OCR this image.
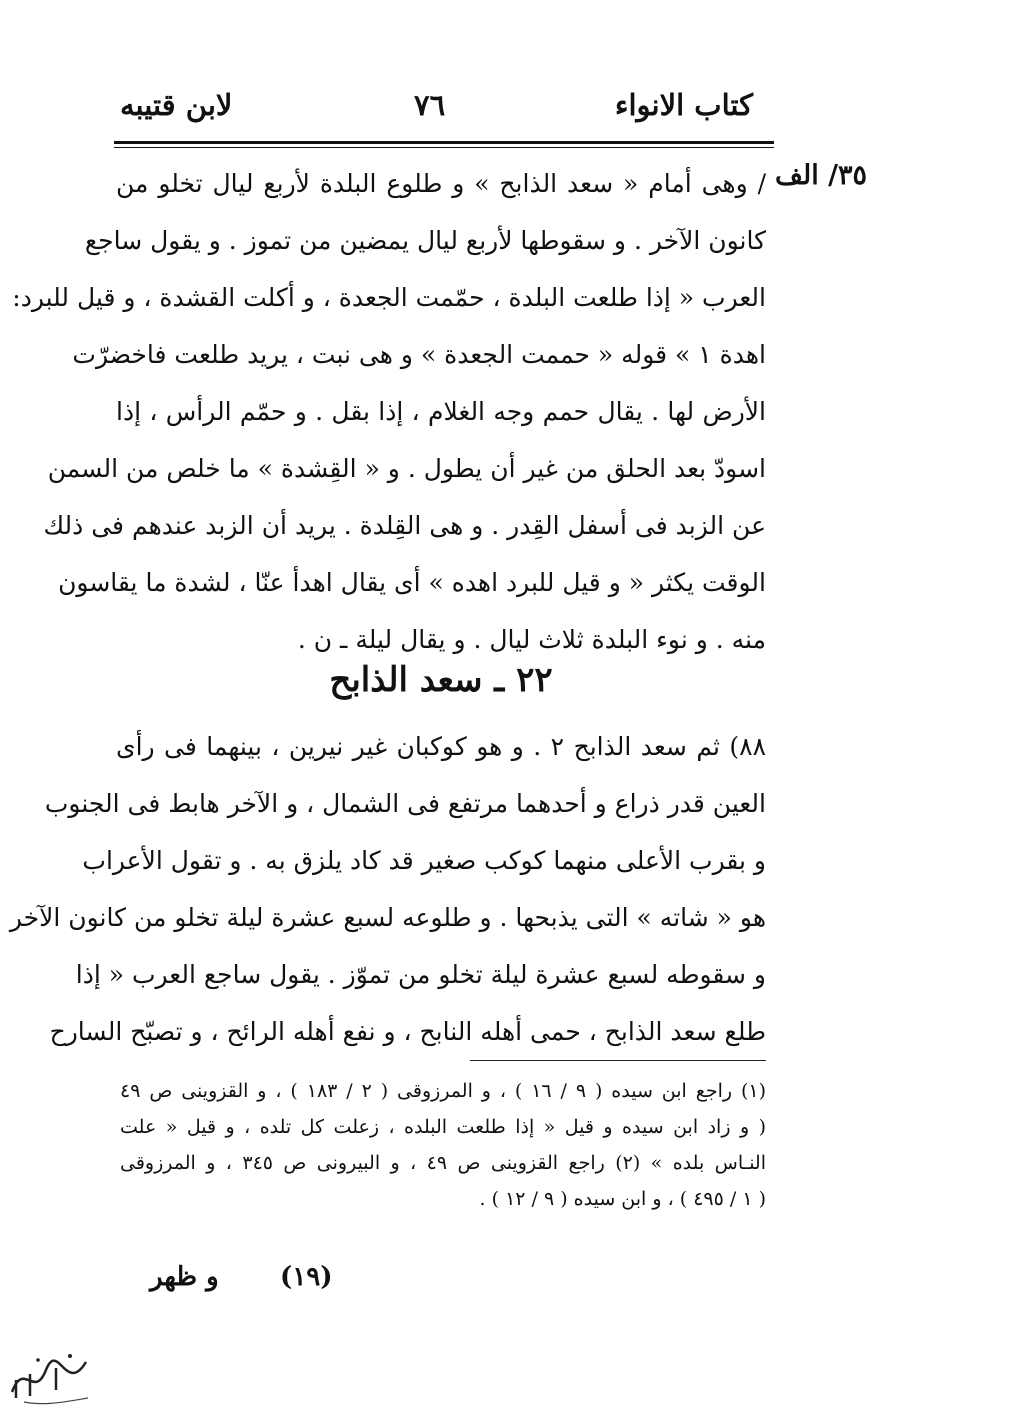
كتاب الانواء
٧٦
لابن قتيبه
٣٥/ الف
/ وهى أمام « سعد الذابح » و طلوع البلدة لأربع ليال تخلو من
كانون الآخر . و سقوطها لأربع ليال يمضين من تموز . و يقول ساجع
العرب « إذا طلعت البلدة ، حمّمت الجعدة ، و أكلت القشدة ، و قيل للبرد:
اهدة ١ » قوله « حممت الجعدة » و هى نبت ، يريد طلعت فاخضرّت
الأرض لها . يقال حمم وجه الغلام ، إذا بقل . و حمّم الرأس ، إذا
اسودّ بعد الحلق من غير أن يطول . و « القِشدة » ما خلص من السمن
عن الزبد فى أسفل القِدر . و هى القِلدة . يريد أن الزبد عندهم فى ذلك
الوقت يكثر « و قيل للبرد اهده » أى يقال اهدأ عنّا ، لشدة ما يقاسون
منه . و نوء البلدة ثلاث ليال . و يقال ليلة ـ ن .
٢٢ ـ سعد الذابح
٨٨) ثم سعد الذابح ٢ . و هو كوكبان غير نيرين ، بينهما فى رأى
العين قدر ذراع و أحدهما مرتفع فى الشمال ، و الآخر هابط فى الجنوب
و بقرب الأعلى منهما كوكب صغير قد كاد يلزق به . و تقول الأعراب
هو « شاته » التى يذبحها . و طلوعه لسبع عشرة ليلة تخلو من كانون الآخر
و سقوطه لسبع عشرة ليلة تخلو من تموّز . يقول ساجع العرب « إذا
طلع سعد الذابح ، حمى أهله النابح ، و نفع أهله الرائح ، و تصبّح السارح
(١) راجع ابن سيده ( ٩ / ١٦ ) ، و المرزوقى ( ٢ / ١٨٣ ) ، و القزوينى ص ٤٩
( و زاد ابن سيده و قيل « إذا طلعت البلده ، زعلت كل تلده ، و قيل « علت
النـاس بلده » (٢) راجع القزوينى ص ٤٩ ، و البيرونى ص ٣٤٥ ، و المرزوقى
( ١ / ٤٩٥ ) ، و ابن سيده ( ٩ / ١٢ ) .
(١٩)
و ظهر
